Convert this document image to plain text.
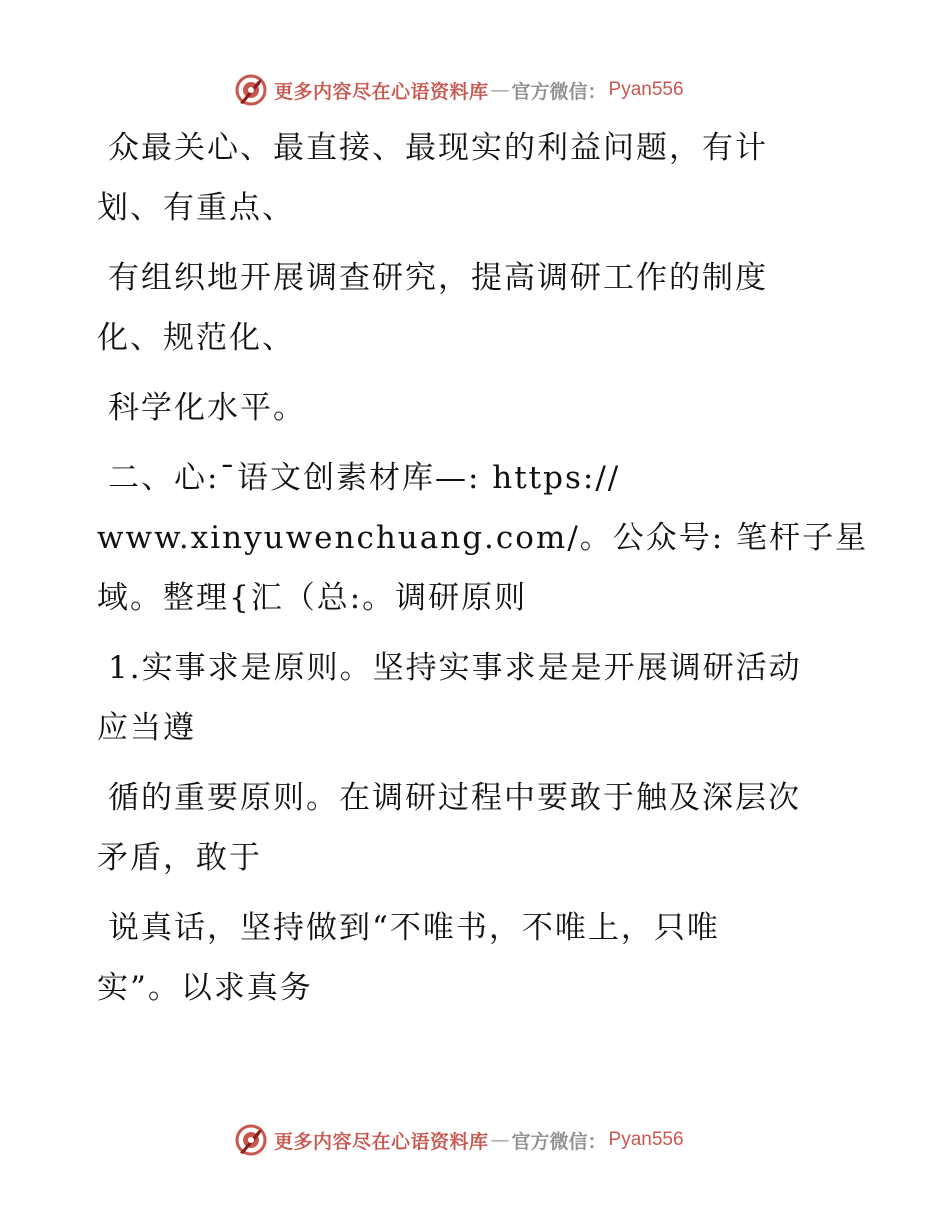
更多内容尽在心语资料库 — 官方微信： Pyan556
众最关心、最直接、最现实的利益问题，有计
划、有重点、
有组织地开展调查研究，提高调研工作的制度
化、规范化、
科学化水平。
二、心:¯语文创素材库—: https://
www.xinyuwenchuang.com/。公众号: 笔杆子星
域。整理{汇（总:。调研原则
1.实事求是原则。坚持实事求是是开展调研活动
应当遵
循的重要原则。在调研过程中要敢于触及深层次
矛盾，敢于
说真话，坚持做到“不唯书，不唯上，只唯
实”。以求真务
更多内容尽在心语资料库 — 官方微信： Pyan556
